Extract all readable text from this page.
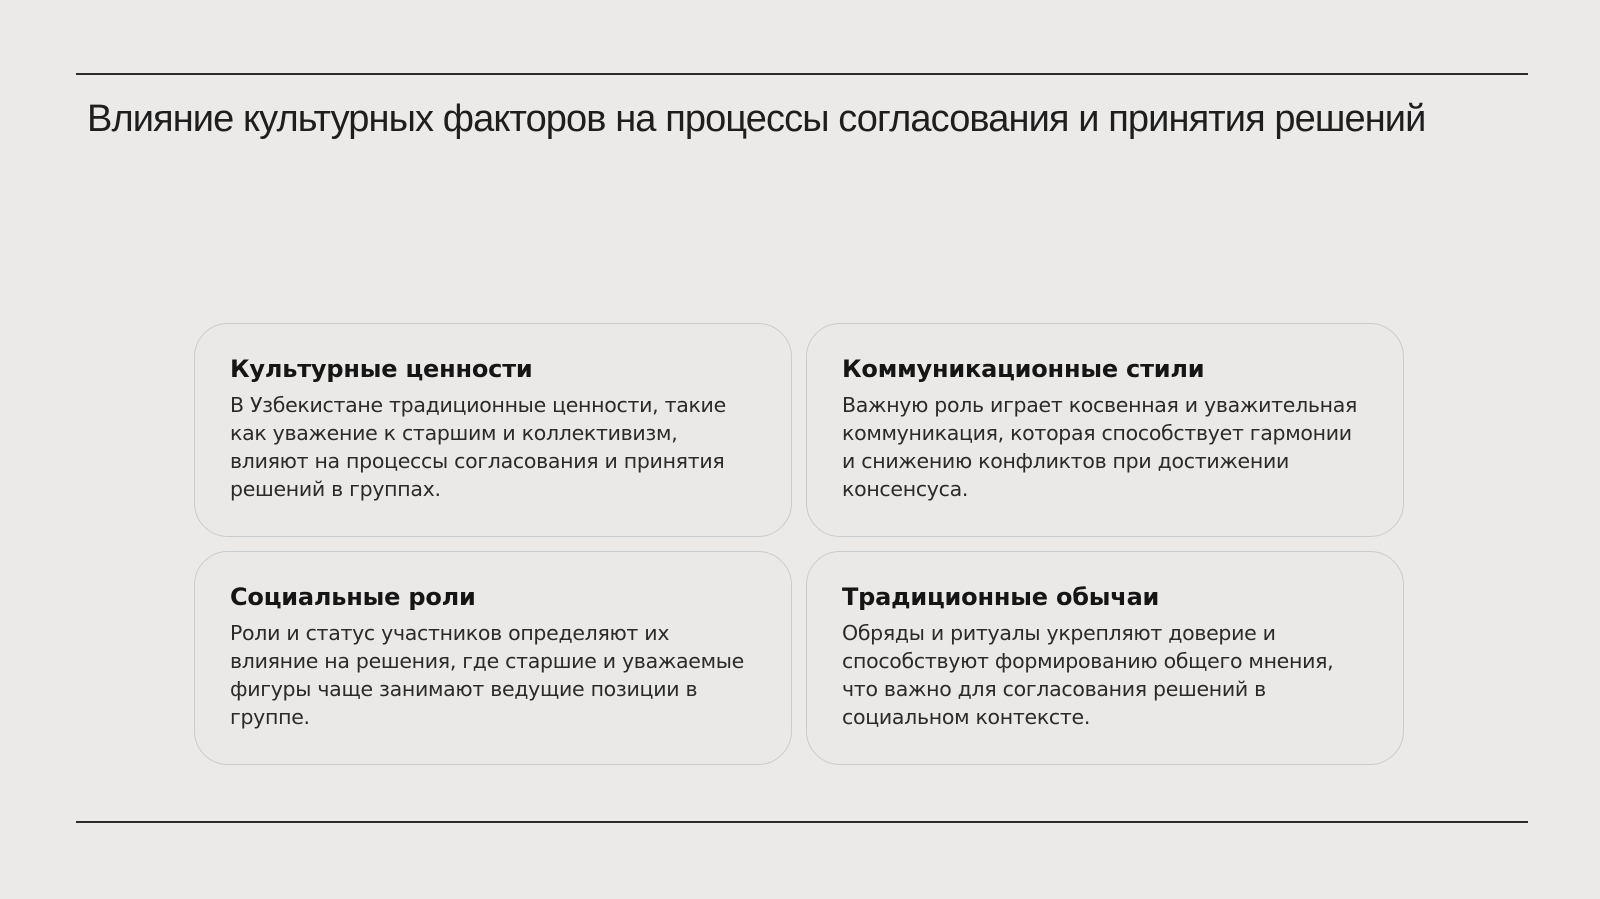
Влияние культурных факторов на процессы согласования и принятия решений
Культурные ценности

В Узбекистане традиционные ценности, такие как уважение к старшим и коллективизм, влияют на процессы согласования и принятия решений в группах.

Коммуникационные стили

Важную роль играет косвенная и уважительная коммуникация, которая способствует гармонии и снижению конфликтов при достижении консенсуса.

Социальные роли

Роли и статус участников определяют их влияние на решения, где старшие и уважаемые фигуры чаще занимают ведущие позиции в группе.

Традиционные обычаи

Обряды и ритуалы укрепляют доверие и способствуют формированию общего мнения, что важно для согласования решений в социальном контексте.
